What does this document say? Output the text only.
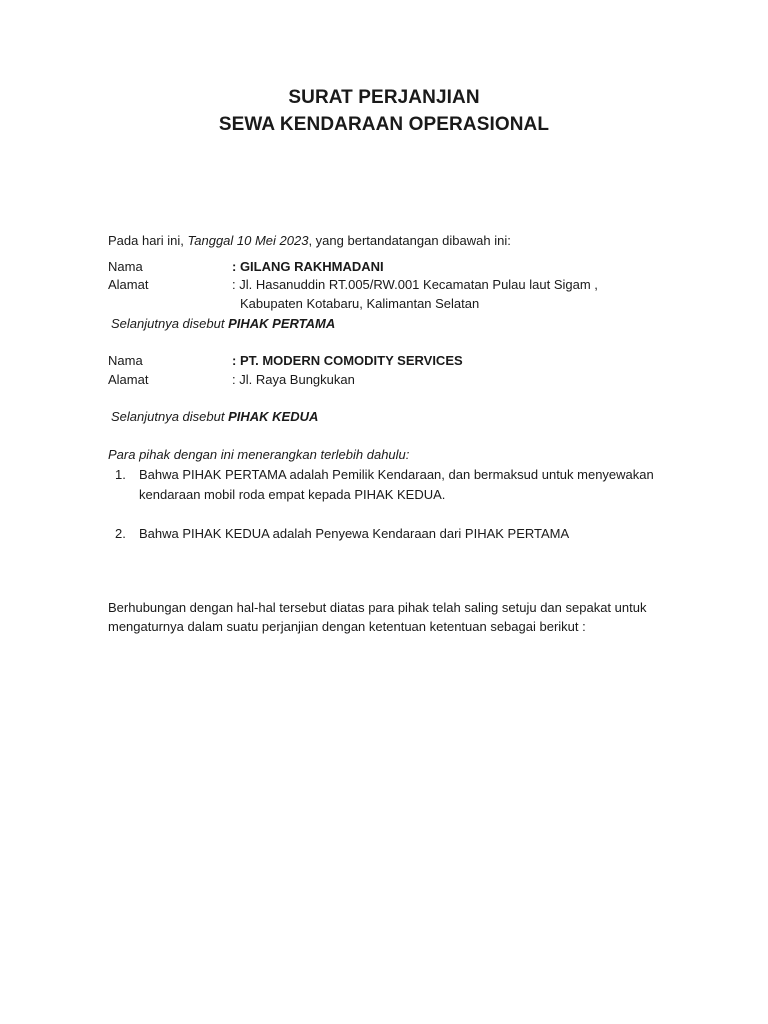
SURAT PERJANJIAN
SEWA KENDARAAN OPERASIONAL
Pada hari ini, Tanggal 10 Mei 2023, yang bertandatangan dibawah ini:
Nama	: GILANG RAKHMADANI
Alamat	: Jl. Hasanuddin RT.005/RW.001 Kecamatan Pulau laut Sigam ,
Kabupaten Kotabaru, Kalimantan Selatan
Selanjutnya disebut PIHAK PERTAMA
Nama	: PT. MODERN COMODITY SERVICES
Alamat	: Jl. Raya Bungkukan
Selanjutnya disebut PIHAK KEDUA
Para pihak dengan ini menerangkan terlebih dahulu:
1. Bahwa PIHAK PERTAMA adalah Pemilik Kendaraan, dan bermaksud untuk menyewakan
kendaraan mobil roda empat kepada PIHAK KEDUA.
2. Bahwa PIHAK KEDUA adalah Penyewa Kendaraan dari PIHAK PERTAMA
Berhubungan dengan hal-hal tersebut diatas para pihak telah saling setuju dan sepakat untuk
mengaturnya dalam suatu perjanjian dengan ketentuan ketentuan sebagai berikut :
